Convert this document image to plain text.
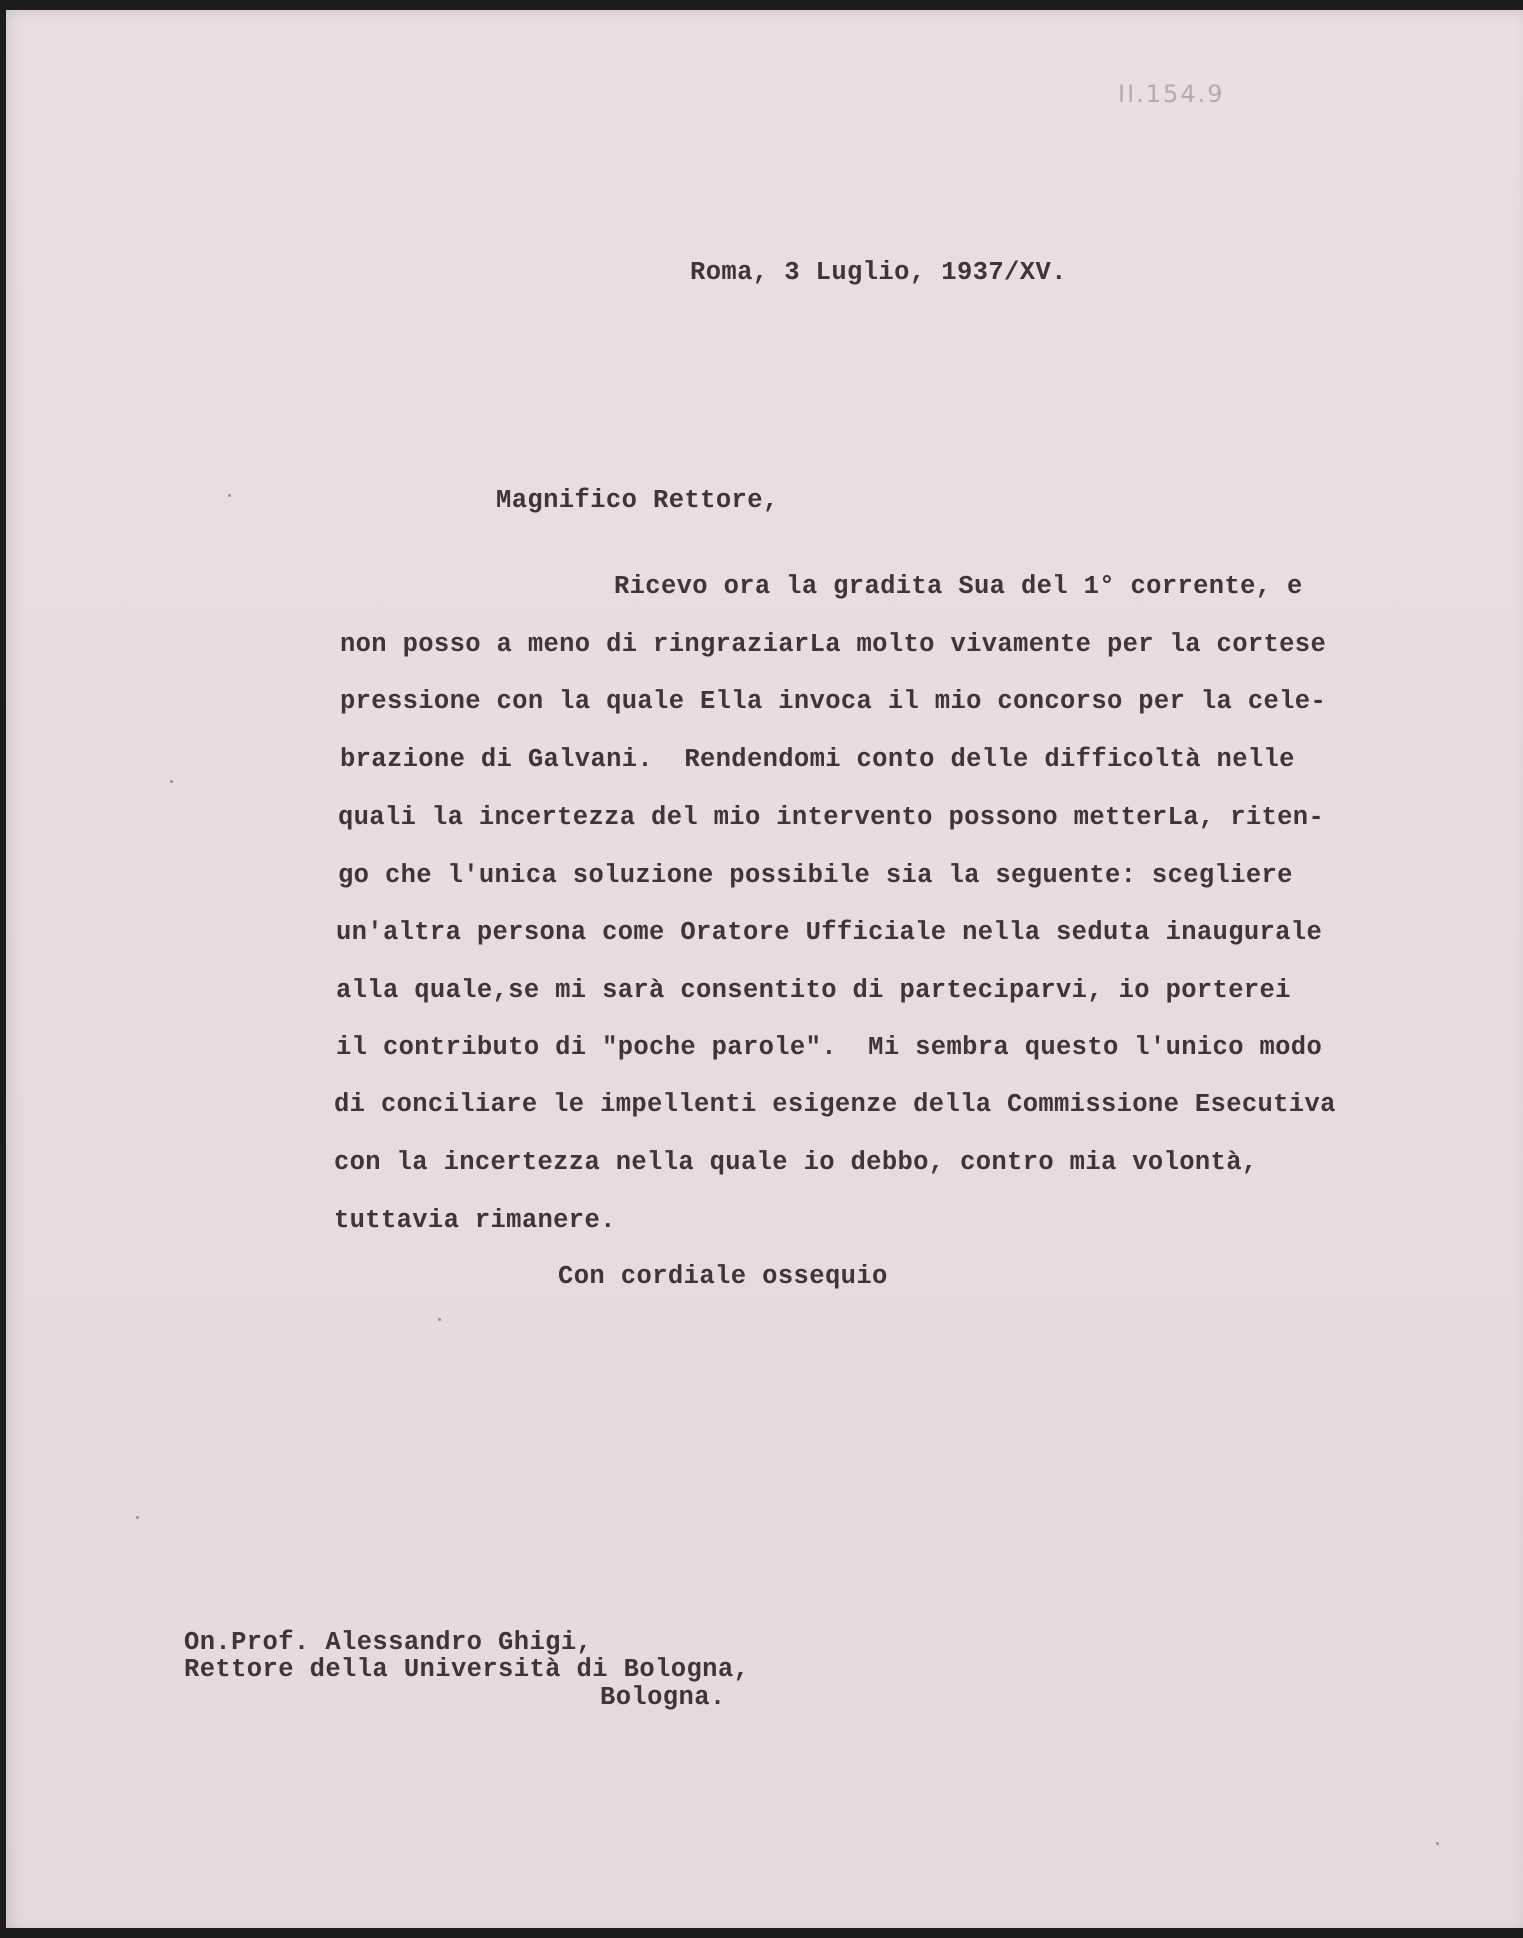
II.154.9
Roma, 3 Luglio, 1937/XV.
Magnifico Rettore,
Ricevo ora la gradita Sua del 1° corrente, e
non posso a meno di ringraziarLa molto vivamente per la cortese
pressione con la quale Ella invoca il mio concorso per la cele-
brazione di Galvani.  Rendendomi conto delle difficoltà nelle
quali la incertezza del mio intervento possono metterLa, riten-
go che l'unica soluzione possibile sia la seguente: scegliere
un'altra persona come Oratore Ufficiale nella seduta inaugurale
alla quale,se mi sarà consentito di parteciparvi, io porterei
il contributo di "poche parole".  Mi sembra questo l'unico modo
di conciliare le impellenti esigenze della Commissione Esecutiva
con la incertezza nella quale io debbo, contro mia volontà,
tuttavia rimanere.
Con cordiale ossequio
On.Prof. Alessandro Ghigi,
Rettore della Università di Bologna,
Bologna.
